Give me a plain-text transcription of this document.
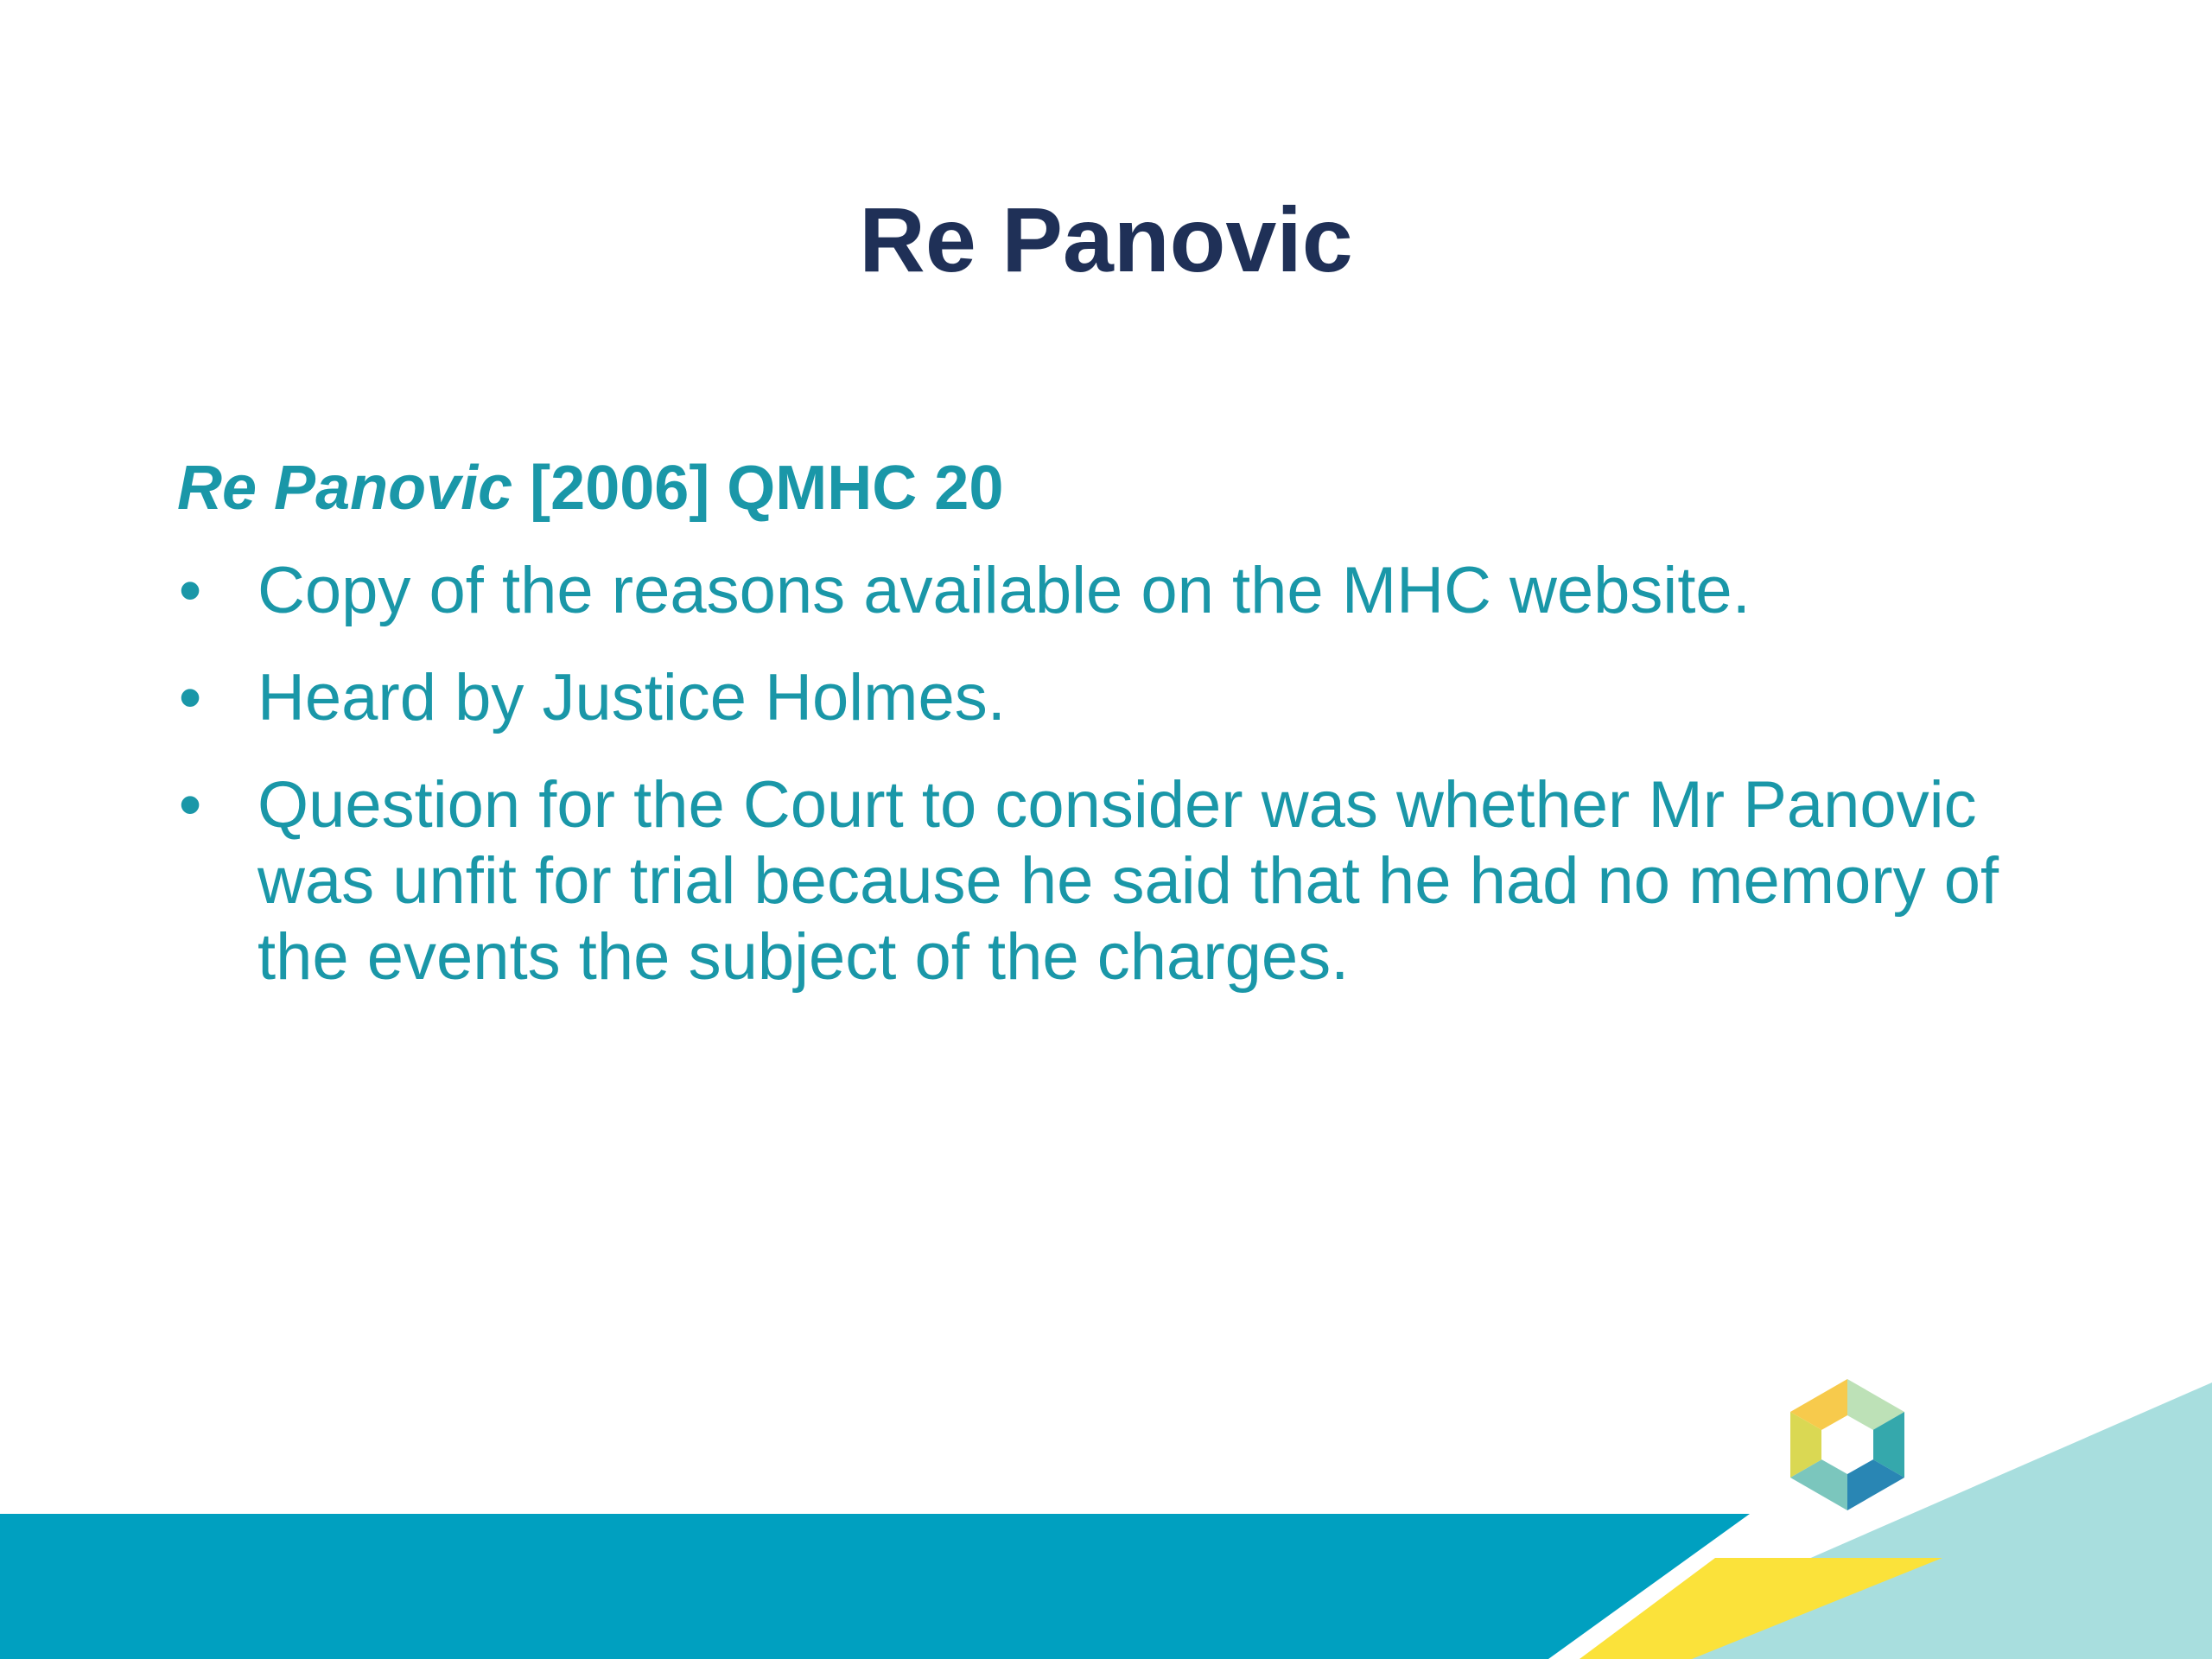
Re Panovic

Re Panovic [2006] QMHC 20

• Copy of the reasons available on the MHC website.
• Heard by Justice Holmes.
• Question for the Court to consider was whether Mr Panovic was unfit for trial because he said that he had no memory of the events the subject of the charges.
